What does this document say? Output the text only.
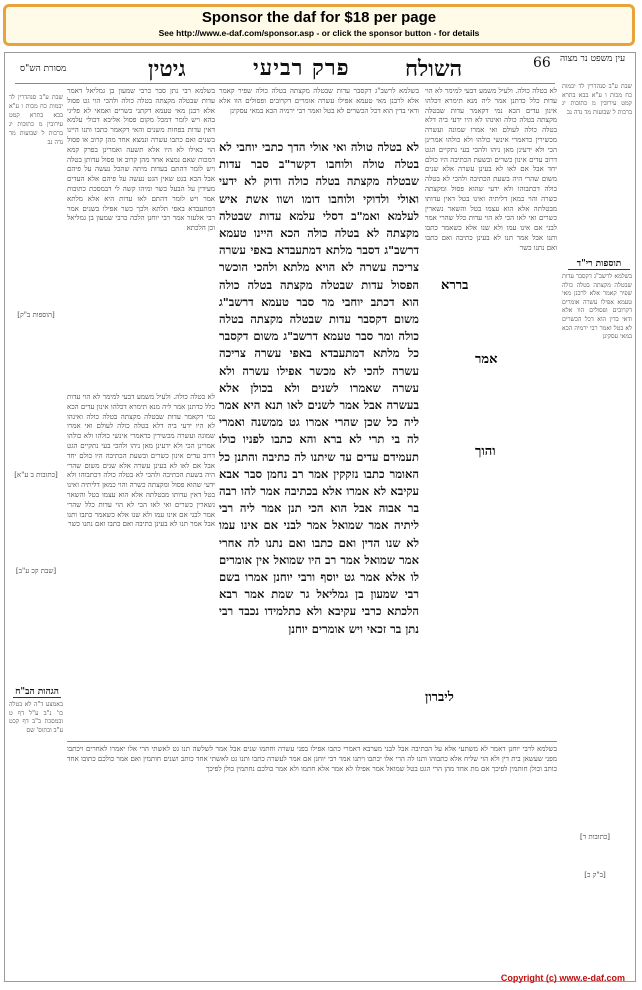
Sponsor the daf for $18 per page
See http://www.e-daf.com/sponsor.asp - or click the sponsor button - for details
מסורת הש"ס	גיטין	פרק רביעי	השולח	66 עין משפט נר מצוה
שבת ע"ב סנהדרין לד יבמות כח מכות ו ע"א בבא בתרא קמט עירובין מ כתובות יג ברכות ל שבועות מד נדה נב
בשלמא רבי נתן סבר כרבי שמעון בן גמליאל דאמר עדות שבטלה מקצתה בטלה כולה ולהכי הוי גט פסול אלא רבנן מאי טעמא דקתני כשרים ואמאי לא פליגי בהא ויש לומר דמכל מקום פסול אליבא דכולי עלמא דאין עדות בפחות משנים והאי דקאמר כתבו ותנו היינו בשנים ואם כתבו עשרה ונמצא אחד מהן קרוב או פסול הוי כאילו לא היו אלא תשעה ואמרינן בפרק קמא דמכות שאם נמצא אחד מהן קרוב או פסול עדותן בטלה ויש לומר דהתם בעדות מיתה שהכל נעשה על פיהם אבל הכא בגט שאין הגט נעשה על פיהם אלא העדים מעידין על הבעל כשר ומיהו קשה לי דבמסכת כתובות אמר ויש לומר דהתם לאו עדות היא אלא מלתא דמתעבדא באפי תלתא ולכך כשר אפילו בשנים אמר רבי אלעזר אמר רבי יוחנן הלכה כרבי שמעון בן גמליאל וכן הלכתא
לא בטלה כולה. ולעיל משמע דבעי למימר לא הוי עדות כלל כדתנן אמר ליה מנא תימרא דכלהו אינון עדים הכא נמי דקאמר עדות שבטלה מקצתה בטלה כולה ואינהו לא היו ידעי ביה דלא בטלה כולה לעולם ואי אמרו שמונה ועשרה מכשירין כדאמרי אינשי כולהו ולא כולהו אמרינן הכי ולא ידעינן מאן ניהו ולהכי בעי נתקיים הגט דרוב עדים אינון כשרים ובשעת הכתיבה היו כולם יחד אבל אם לאו לא בעינן עשרה אלא שנים משום שהרי היה בשעת הכתיבה ולהכי לא בטלה כולה דכתבוהו ולא ידעי שהוא פסול ומקצתה כשרה והוי כמאן דליתיה ואינו בטל דאין עדותו מבטלתה אלא הוא עצמו בטל והשאר נשארין כשרים ואי לאו הכי לא הוי עדות כלל שהרי אמר לבני אם אינו עמו ולא שנו אלא כשאמר כתבו ותנו אבל אמר תנו לא בעינן כתיבה ואם כתבו ואם נתנו כשר
לא בטלה טולה ואי אולי הדך כתבי יוחבי לא בטלה טולה ולוחבו דקשר"ב סבר עדות שבטלה מקצתה בטלה כולה ודוק לא ידעי ואולי ולדוקי ולוחבו דומו ושוו אשת איש לעלמא ואמ"ב דסלי עלמא עדות שבטלה מקצתה לא בטלה כולה הכא היינו טעמא דרשב"ג דסבר מלתא דמתעבדא באפי עשרה צריכה עשרה לא הויא מלתא ולהכי הוכשר הפסול עדות שבטלה מקצתה בטלה כולה הוא דכתב יוחבי מר סבר טעמא דרשב"ג משום דקסבר עדות שבטלה מקצתה בטלה כולה ומר סבר טעמא דרשב"ג משום דקסבר כל מלתא דמתעבדא באפי עשרה צריכה עשרה להכי לא מכשר אפילו עשרה ולא עשרה שאמרו לשנים ולא בכולן אלא בעשרה אבל אמר לשנים לאו תנא היא אמר ליה כל שכן שהרי אמרו גט ממשנה ואמרי לה בי תרי לא ברא והא כתבו לפניו כולו תעמידם עדים עד שיתנו לה כתיבה והתנן כל האומר כתבו נזקקין אמר רב נחמן סבר אבא עקיבא לא אמרו אלא בכתיבה אמר להו רבה בר אבוה אבל הוא הכי תנן אמר ליה רבי ליתיה אמר שמואל אמר לבני אם אינו עמו לא שנו הדין ואם כתבו ואם נתנו לה אחרי אמר שמואל אמר רב היו שמואל אין אומרים לו אלא אמר גט יוסף ורבי יוחנן אמרו בשם רבי שמעון בן גמליאל גר שמת אמר רבא הלכתא כרבי עקיבא ולא כתלמידו נכבד רבי נתן בר זכאי ויש אומרים יוחנן
בשלמא לרשב"ג דקסבר עדות שבטלה מקצתה בטלה כולה שפיר קאמר אלא לרבנן מאי טעמא אפילו עשרה אומרים דקרובים ופסולים הוו אלא ודאי בדין הוא דכל הכשרים לא בטל ואמר רבי ירמיה הכא במאי עסקינן
לא בטלה כולה. ולעיל משמע דבעי למימר לא הוי עדות כלל כדתנן אמר ליה מנא תימרא דכלהו אינון עדים הכא נמי דקאמר עדות שבטלה מקצתה בטלה כולה ואינהו לא היו ידעי ביה דלא בטלה כולה לעולם ואי אמרו שמונה ועשרה מכשירין כדאמרי אינשי כולהו ולא כולהו אמרינן הכי ולא ידעינן מאן ניהו ולהכי בעי נתקיים הגט דרוב עדים אינון כשרים ובשעת הכתיבה היו כולם יחד אבל אם לאו לא בעינן עשרה אלא שנים משום שהרי היה בשעת הכתיבה ולהכי לא בטלה כולה דכתבוהו ולא ידעי שהוא פסול ומקצתה כשרה והוי כמאן דליתיה ואינו בטל דאין עדותו מבטלתה אלא הוא עצמו בטל והשאר נשארין כשרים ואי לאו הכי לא הוי עדות כלל שהרי אמר לבני אם אינו עמו ולא שנו אלא כשאמר כתבו ותנו אבל אמר תנו לא בעינן כתיבה ואם כתבו ואם נתנו כשר
בררא
אמר
והוך
ליברון
שבת ע"ב סנהדרין לד יבמות כח מכות ו ע"א בבא בתרא קמט עירובין מ כתובות יג ברכות ל שבועות מד נדה נב
תוספות רי"ד
בשלמא לרשב"ג דקסבר עדות שבטלה מקצתה בטלה כולה שפיר קאמר אלא לרבנן מאי טעמא אפילו עשרה אומרים דקרובים ופסולים הוו אלא ודאי בדין הוא דכל הכשרים לא בטל ואמר רבי ירמיה הכא במאי עסקינן
[הוספות ב"ק]
[כתובות ב ע"א]
[שבת קכ ע"ב]
הגהות הב"ח
באמצע ד"ה לא בטלה כו' נ"ב ע"ל דף ט ובמסכת ב"ב דף קכט ע"ב ובתוס' שם
בשלמא לרבי יוחנן דאמר לא משתעי אלא על הכתיבה אבל לבני מערבא דאמרי כתבו אפילו בפני עשרה וחתמו שנים אבל אמר לשלשה תנו גט לאשתי הרי אלו יאמרו לאחרים ויכתבו מפני שעשאן בית דין ולא הוי שליח אלא כתבוהו ותנו לה הרי אלו יכתבו ויתנו אמר רבי יוחנן אם אמר לעשרה כתבו ותנו גט לאשתי אחד כותב ושנים חותמין ואם אמר כולכם כתובו אחד כותב וכולן חותמין לפיכך אם מת אחד מהן הרי הגט בטל שמואל אמר אפילו לא אמר אלא חתמו ולא אמר כולכם נחתמין כולן לפיכך
[כתובות ד]
[ב"ק כ]
Copyright (c) www.e-daf.com
